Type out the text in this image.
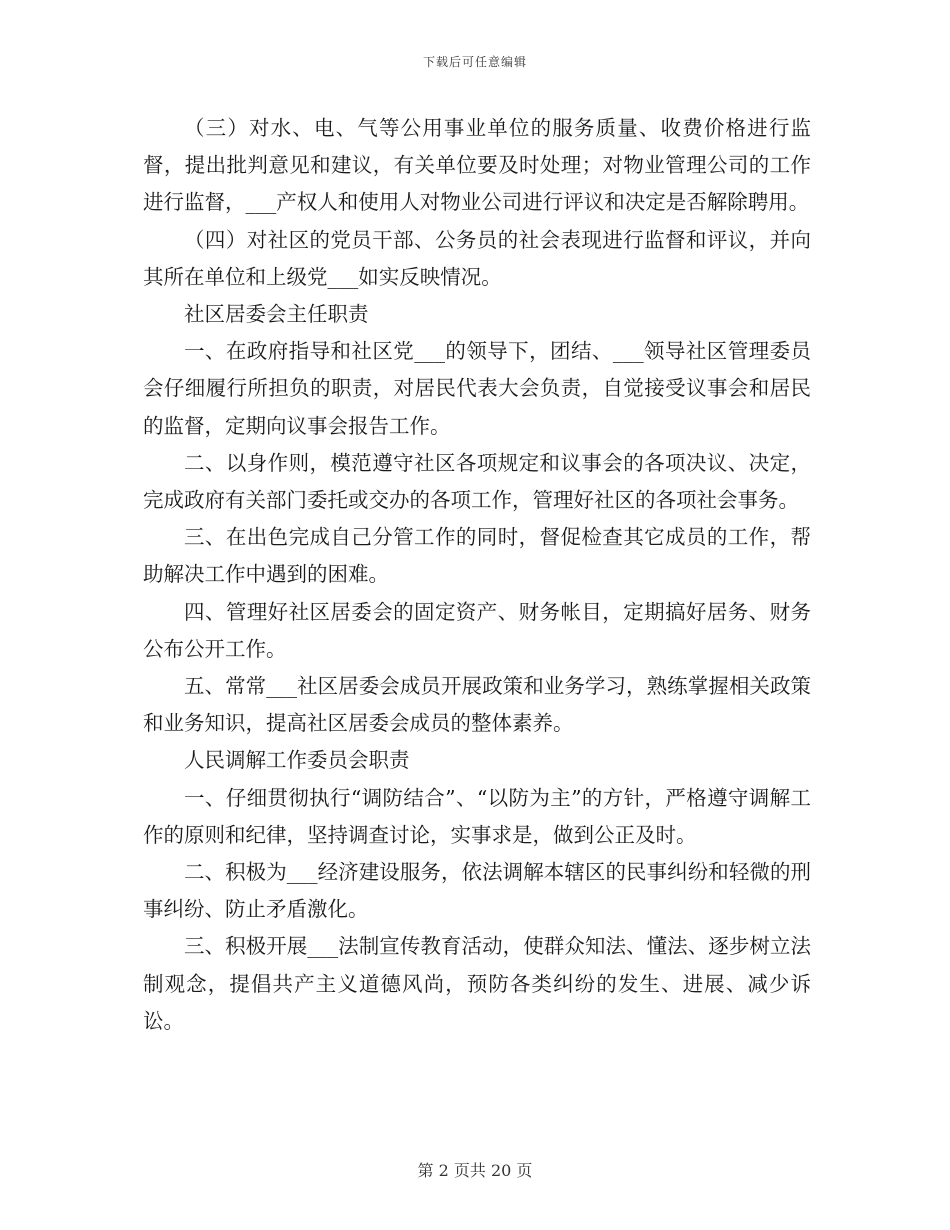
下载后可任意编辑

（三）对水、电、气等公用事业单位的服务质量、收费价格进行监督，提出批判意见和建议，有关单位要及时处理；对物业管理公司的工作进行监督，___产权人和使用人对物业公司进行评议和决定是否解除聘用。

（四）对社区的党员干部、公务员的社会表现进行监督和评议，并向其所在单位和上级党___如实反映情况。

社区居委会主任职责

一、在政府指导和社区党___的领导下，团结、___领导社区管理委员会仔细履行所担负的职责，对居民代表大会负责，自觉接受议事会和居民的监督，定期向议事会报告工作。

二、以身作则，模范遵守社区各项规定和议事会的各项决议、决定，完成政府有关部门委托或交办的各项工作，管理好社区的各项社会事务。

三、在出色完成自己分管工作的同时，督促检查其它成员的工作，帮助解决工作中遇到的困难。

四、管理好社区居委会的固定资产、财务帐目，定期搞好居务、财务公布公开工作。

五、常常___社区居委会成员开展政策和业务学习，熟练掌握相关政策和业务知识，提高社区居委会成员的整体素养。

人民调解工作委员会职责

一、仔细贯彻执行“调防结合”、“以防为主”的方针，严格遵守调解工作的原则和纪律，坚持调查讨论，实事求是，做到公正及时。

二、积极为___经济建设服务，依法调解本辖区的民事纠纷和轻微的刑事纠纷、防止矛盾激化。

三、积极开展___法制宣传教育活动，使群众知法、懂法、逐步树立法制观念，提倡共产主义道德风尚，预防各类纠纷的发生、进展、减少诉讼。

第 2 页共 20 页
